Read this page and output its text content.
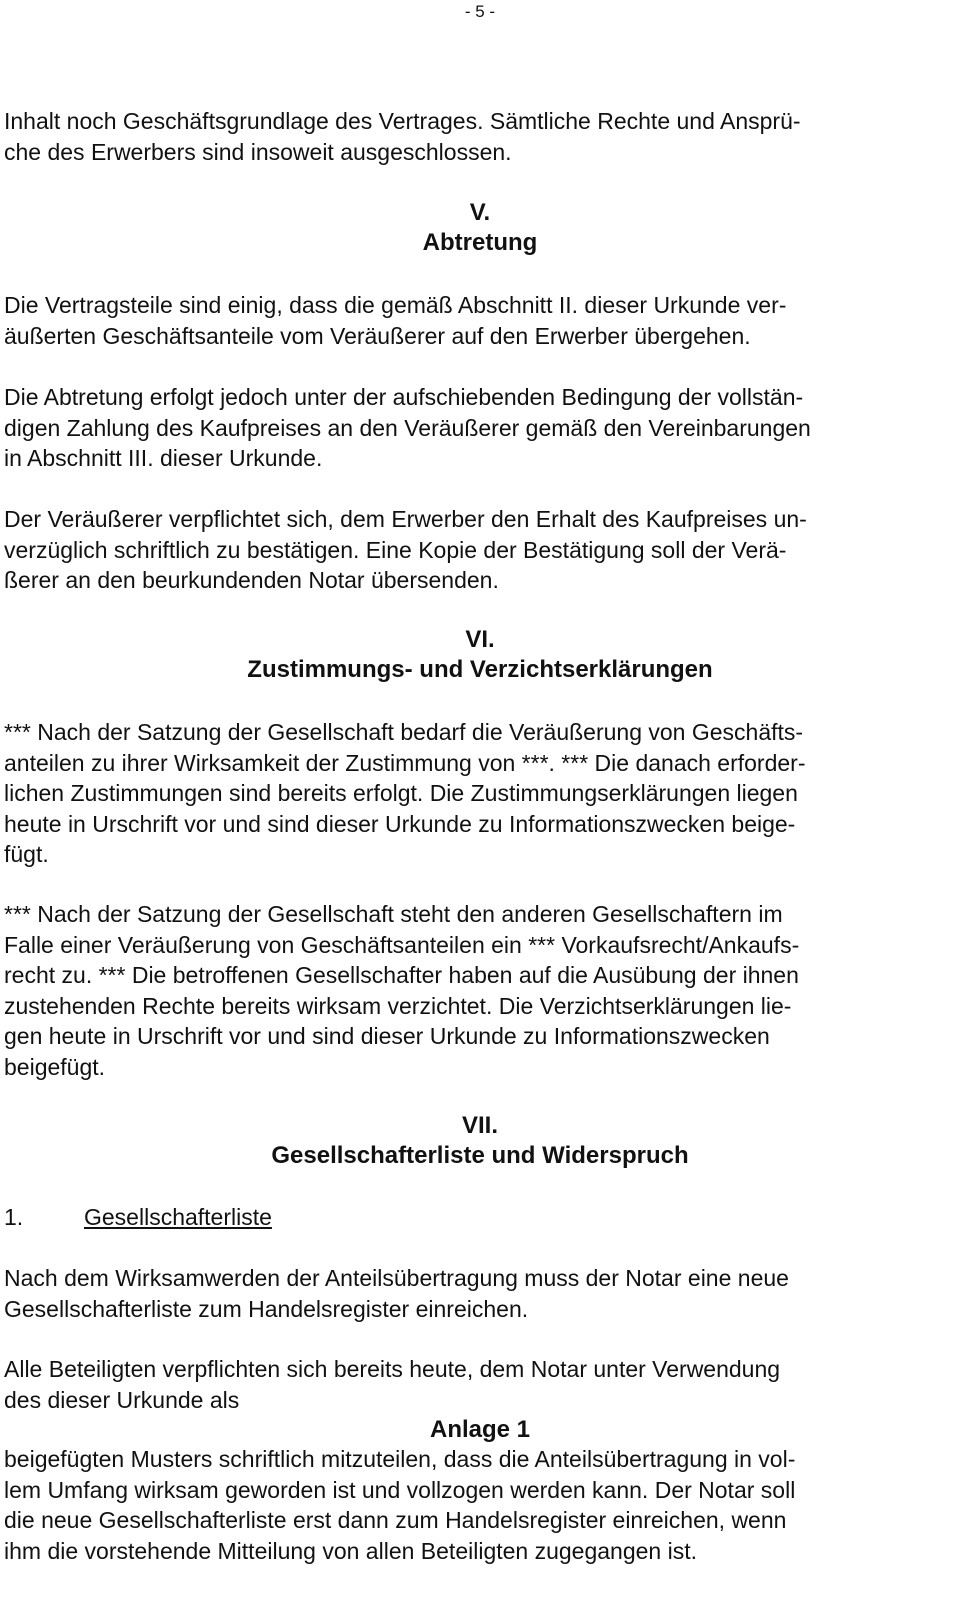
- 5 -
Inhalt noch Geschäftsgrundlage des Vertrages. Sämtliche Rechte und Ansprü-
che des Erwerbers sind insoweit ausgeschlossen.
V.
Abtretung
Die Vertragsteile sind einig, dass die gemäß Abschnitt II. dieser Urkunde ver-
äußerten Geschäftsanteile vom Veräußerer auf den Erwerber übergehen.
Die Abtretung erfolgt jedoch unter der aufschiebenden Bedingung der vollstän-
digen Zahlung des Kaufpreises an den Veräußerer gemäß den Vereinbarungen
in Abschnitt III. dieser Urkunde.
Der Veräußerer verpflichtet sich, dem Erwerber den Erhalt des Kaufpreises un-
verzüglich schriftlich zu bestätigen. Eine Kopie der Bestätigung soll der Verä-
ßerer an den beurkundenden Notar übersenden.
VI.
Zustimmungs- und Verzichtserklärungen
*** Nach der Satzung der Gesellschaft bedarf die Veräußerung von Geschäfts-
anteilen zu ihrer Wirksamkeit der Zustimmung von ***. *** Die danach erforder-
lichen Zustimmungen sind bereits erfolgt. Die Zustimmungserklärungen liegen
heute in Urschrift vor und sind dieser Urkunde zu Informationszwecken beige-
fügt.
*** Nach der Satzung der Gesellschaft steht den anderen Gesellschaftern im
Falle einer Veräußerung von Geschäftsanteilen ein *** Vorkaufsrecht/Ankaufs-
recht zu. *** Die betroffenen Gesellschafter haben auf die Ausübung der ihnen
zustehenden Rechte bereits wirksam verzichtet. Die Verzichtserklärungen lie-
gen heute in Urschrift vor und sind dieser Urkunde zu Informationszwecken
beigefügt.
VII.
Gesellschafterliste und Widerspruch
1.	Gesellschafterliste
Nach dem Wirksamwerden der Anteilsübertragung muss der Notar eine neue
Gesellschafterliste zum Handelsregister einreichen.
Alle Beteiligten verpflichten sich bereits heute, dem Notar unter Verwendung
des dieser Urkunde als
Anlage 1
beigefügten Musters schriftlich mitzuteilen, dass die Anteilsübertragung in vol-
lem Umfang wirksam geworden ist und vollzogen werden kann. Der Notar soll
die neue Gesellschafterliste erst dann zum Handelsregister einreichen, wenn
ihm die vorstehende Mitteilung von allen Beteiligten zugegangen ist.
